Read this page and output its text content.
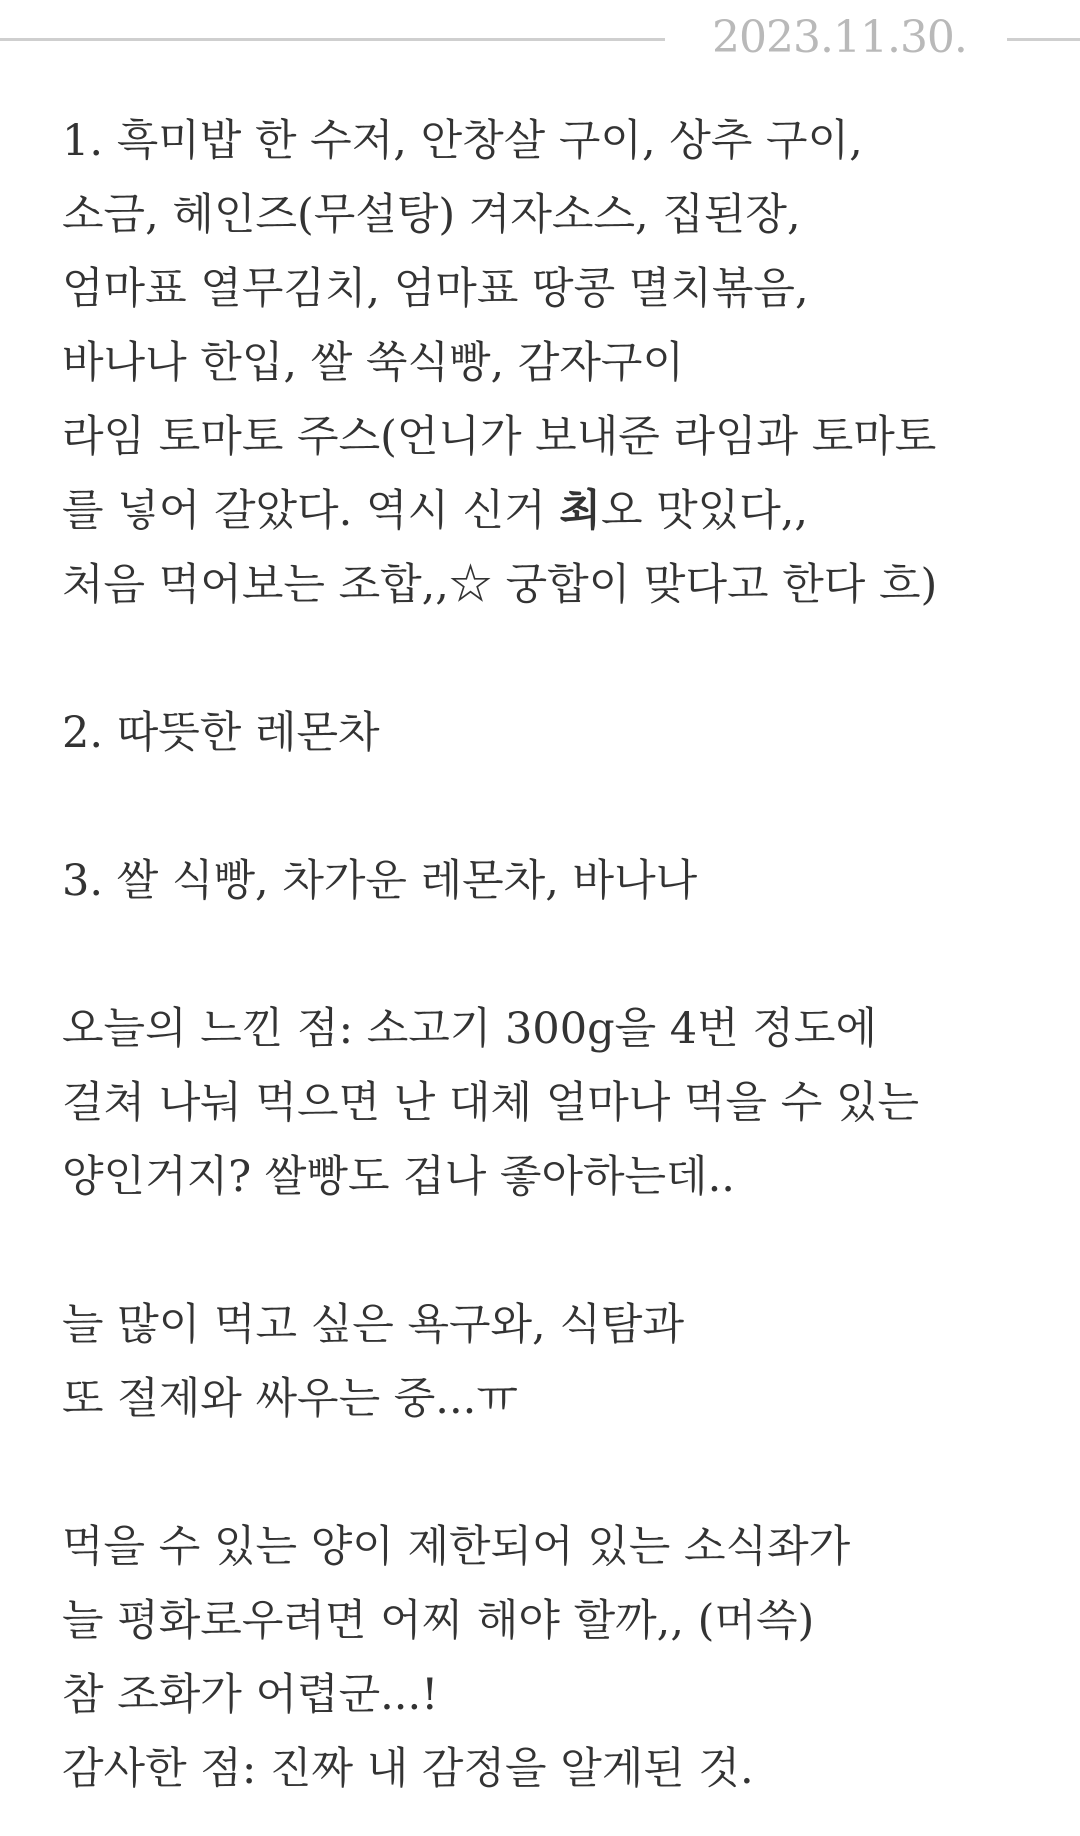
2023.11.30.
1. 흑미밥 한 수저, 안창살 구이, 상추 구이,
소금, 헤인즈(무설탕) 겨자소스, 집된장,
엄마표 열무김치, 엄마표 땅콩 멸치볶음,
바나나 한입, 쌀 쑥식빵, 감자구이
라임 토마토 주스(언니가 보내준 라임과 토마토
를 넣어 갈았다. 역시 신거 최오 맛있다,,
처음 먹어보는 조합,,☆ 궁합이 맞다고 한다 흐)
2. 따뜻한 레몬차
3. 쌀 식빵, 차가운 레몬차, 바나나
오늘의 느낀 점: 소고기 300g을 4번 정도에
걸쳐 나눠 먹으면 난 대체 얼마나 먹을 수 있는
양인거지? 쌀빵도 겁나 좋아하는데..
늘 많이 먹고 싶은 욕구와, 식탐과
또 절제와 싸우는 중...ㅠ
먹을 수 있는 양이 제한되어 있는 소식좌가
늘 평화로우려면 어찌 해야 할까,, (머쓱)
참 조화가 어렵군...!
감사한 점: 진짜 내 감정을 알게된 것.
